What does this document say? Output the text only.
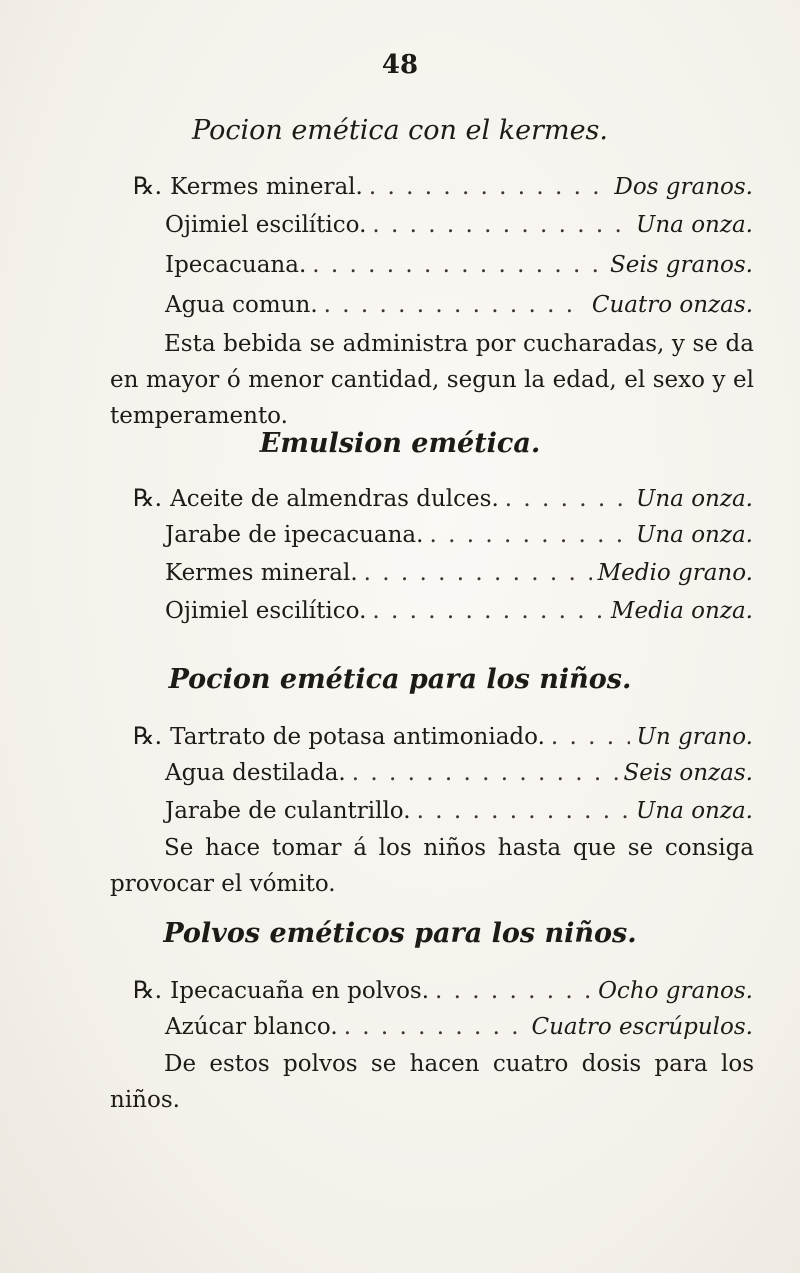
48
Pocion emética con el kermes.
℞. Kermes mineral. . . .	Dos granos.
Ojimiel escilítico. . . .	Una onza.
Ipecacuana. . . .	Seis granos.
Agua comun. . . .	Cuatro onzas.
Esta bebida se administra por cucharadas, y se da en mayor ó menor cantidad, segun la edad, el sexo y el temperamento.
Emulsion emética.
℞. Aceite de almendras dulces. . . .	Una onza.
Jarabe de ipecacuana. . . .	Una onza.
Kermes mineral. . . .	Medio grano.
Ojimiel escilítico. . . .	Media onza.
Pocion emética para los niños.
℞. Tartrato de potasa antimoniado. . . .	Un grano.
Agua destilada. . . .	Seis onzas.
Jarabe de culantrillo. . . .	Una onza.
Se hace tomar á los niños hasta que se consiga provocar el vómito.
Polvos eméticos para los niños.
℞. Ipecacuaña en polvos. . . .	Ocho granos.
Azúcar blanco. . . .	Cuatro escrúpulos.
De estos polvos se hacen cuatro dosis para los niños.
